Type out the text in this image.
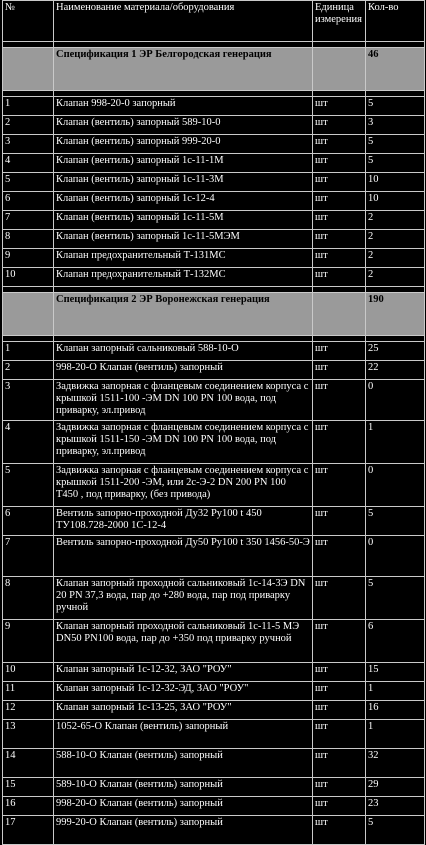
№	Наименование материала/оборудования	Единица измерения	Кол-во

	Спецификация 1 ЭР Белгородская генерация		46

1	Клапан 998-20-0 запорный	шт	5
2	Клапан (вентиль) запорный 589-10-0	шт	3
3	Клапан (вентиль) запорный 999-20-0	шт	5
4	Клапан (вентиль) запорный 1с-11-1М	шт	5
5	Клапан (вентиль) запорный 1с-11-3М	шт	10
6	Клапан (вентиль) запорный 1с-12-4	шт	10
7	Клапан (вентиль) запорный 1с-11-5М	шт	2
8	Клапан (вентиль) запорный 1с-11-5МЭМ	шт	2
9	Клапан предохранительный Т-131МС	шт	2
10	Клапан предохранительный Т-132МС	шт	2

	Спецификация 2 ЭР Воронежская генерация		190

1	Клапан запорный сальниковый 588-10-О	шт	25
2	998-20-О Клапан (вентиль) запорный	шт	22
3	Задвижка запорная с фланцевым соединением корпуса с крышкой 1511-100 -ЭМ DN 100 PN 100 вода, под приварку, эл.привод	шт	0
4	Задвижка запорная с фланцевым соединением корпуса с крышкой 1511-150 -ЭМ DN 100 PN 100 вода, под приварку, эл.привод	шт	1
5	Задвижка запорная с фланцевым соединением корпуса с крышкой 1511-200 -ЭМ, или 2с-Э-2 DN 200 PN 100 Т450 , под приварку, (без привода)	шт	0
6	Вентиль запорно-проходной Ду32 Ру100 t 450 ТУ108.728-2000 1С-12-4	шт	5
7	Вентиль запорно-проходной Ду50 Ру100 t 350 1456-50-Э	шт	0
8	Клапан запорный проходной сальниковый 1с-14-3Э DN 20 PN 37,3 вода, пар до +280 вода, пар под приварку ручной	шт	5
9	Клапан запорный проходной сальниковый 1с-11-5 МЭ DN50 PN100 вода, пар до +350 под приварку ручной	шт	6
10	Клапан запорный 1с-12-32, ЗАО "РОУ"	шт	15
11	Клапан запорный 1с-12-32-ЭД, ЗАО "РОУ"	шт	1
12	Клапан запорный 1с-13-25, ЗАО "РОУ"	шт	16
13	1052-65-О Клапан (вентиль) запорный	шт	1
14	588-10-О Клапан (вентиль) запорный	шт	32
15	589-10-О Клапан (вентиль) запорный	шт	29
16	998-20-О Клапан (вентиль) запорный	шт	23
17	999-20-О Клапан (вентиль) запорный	шт	5
